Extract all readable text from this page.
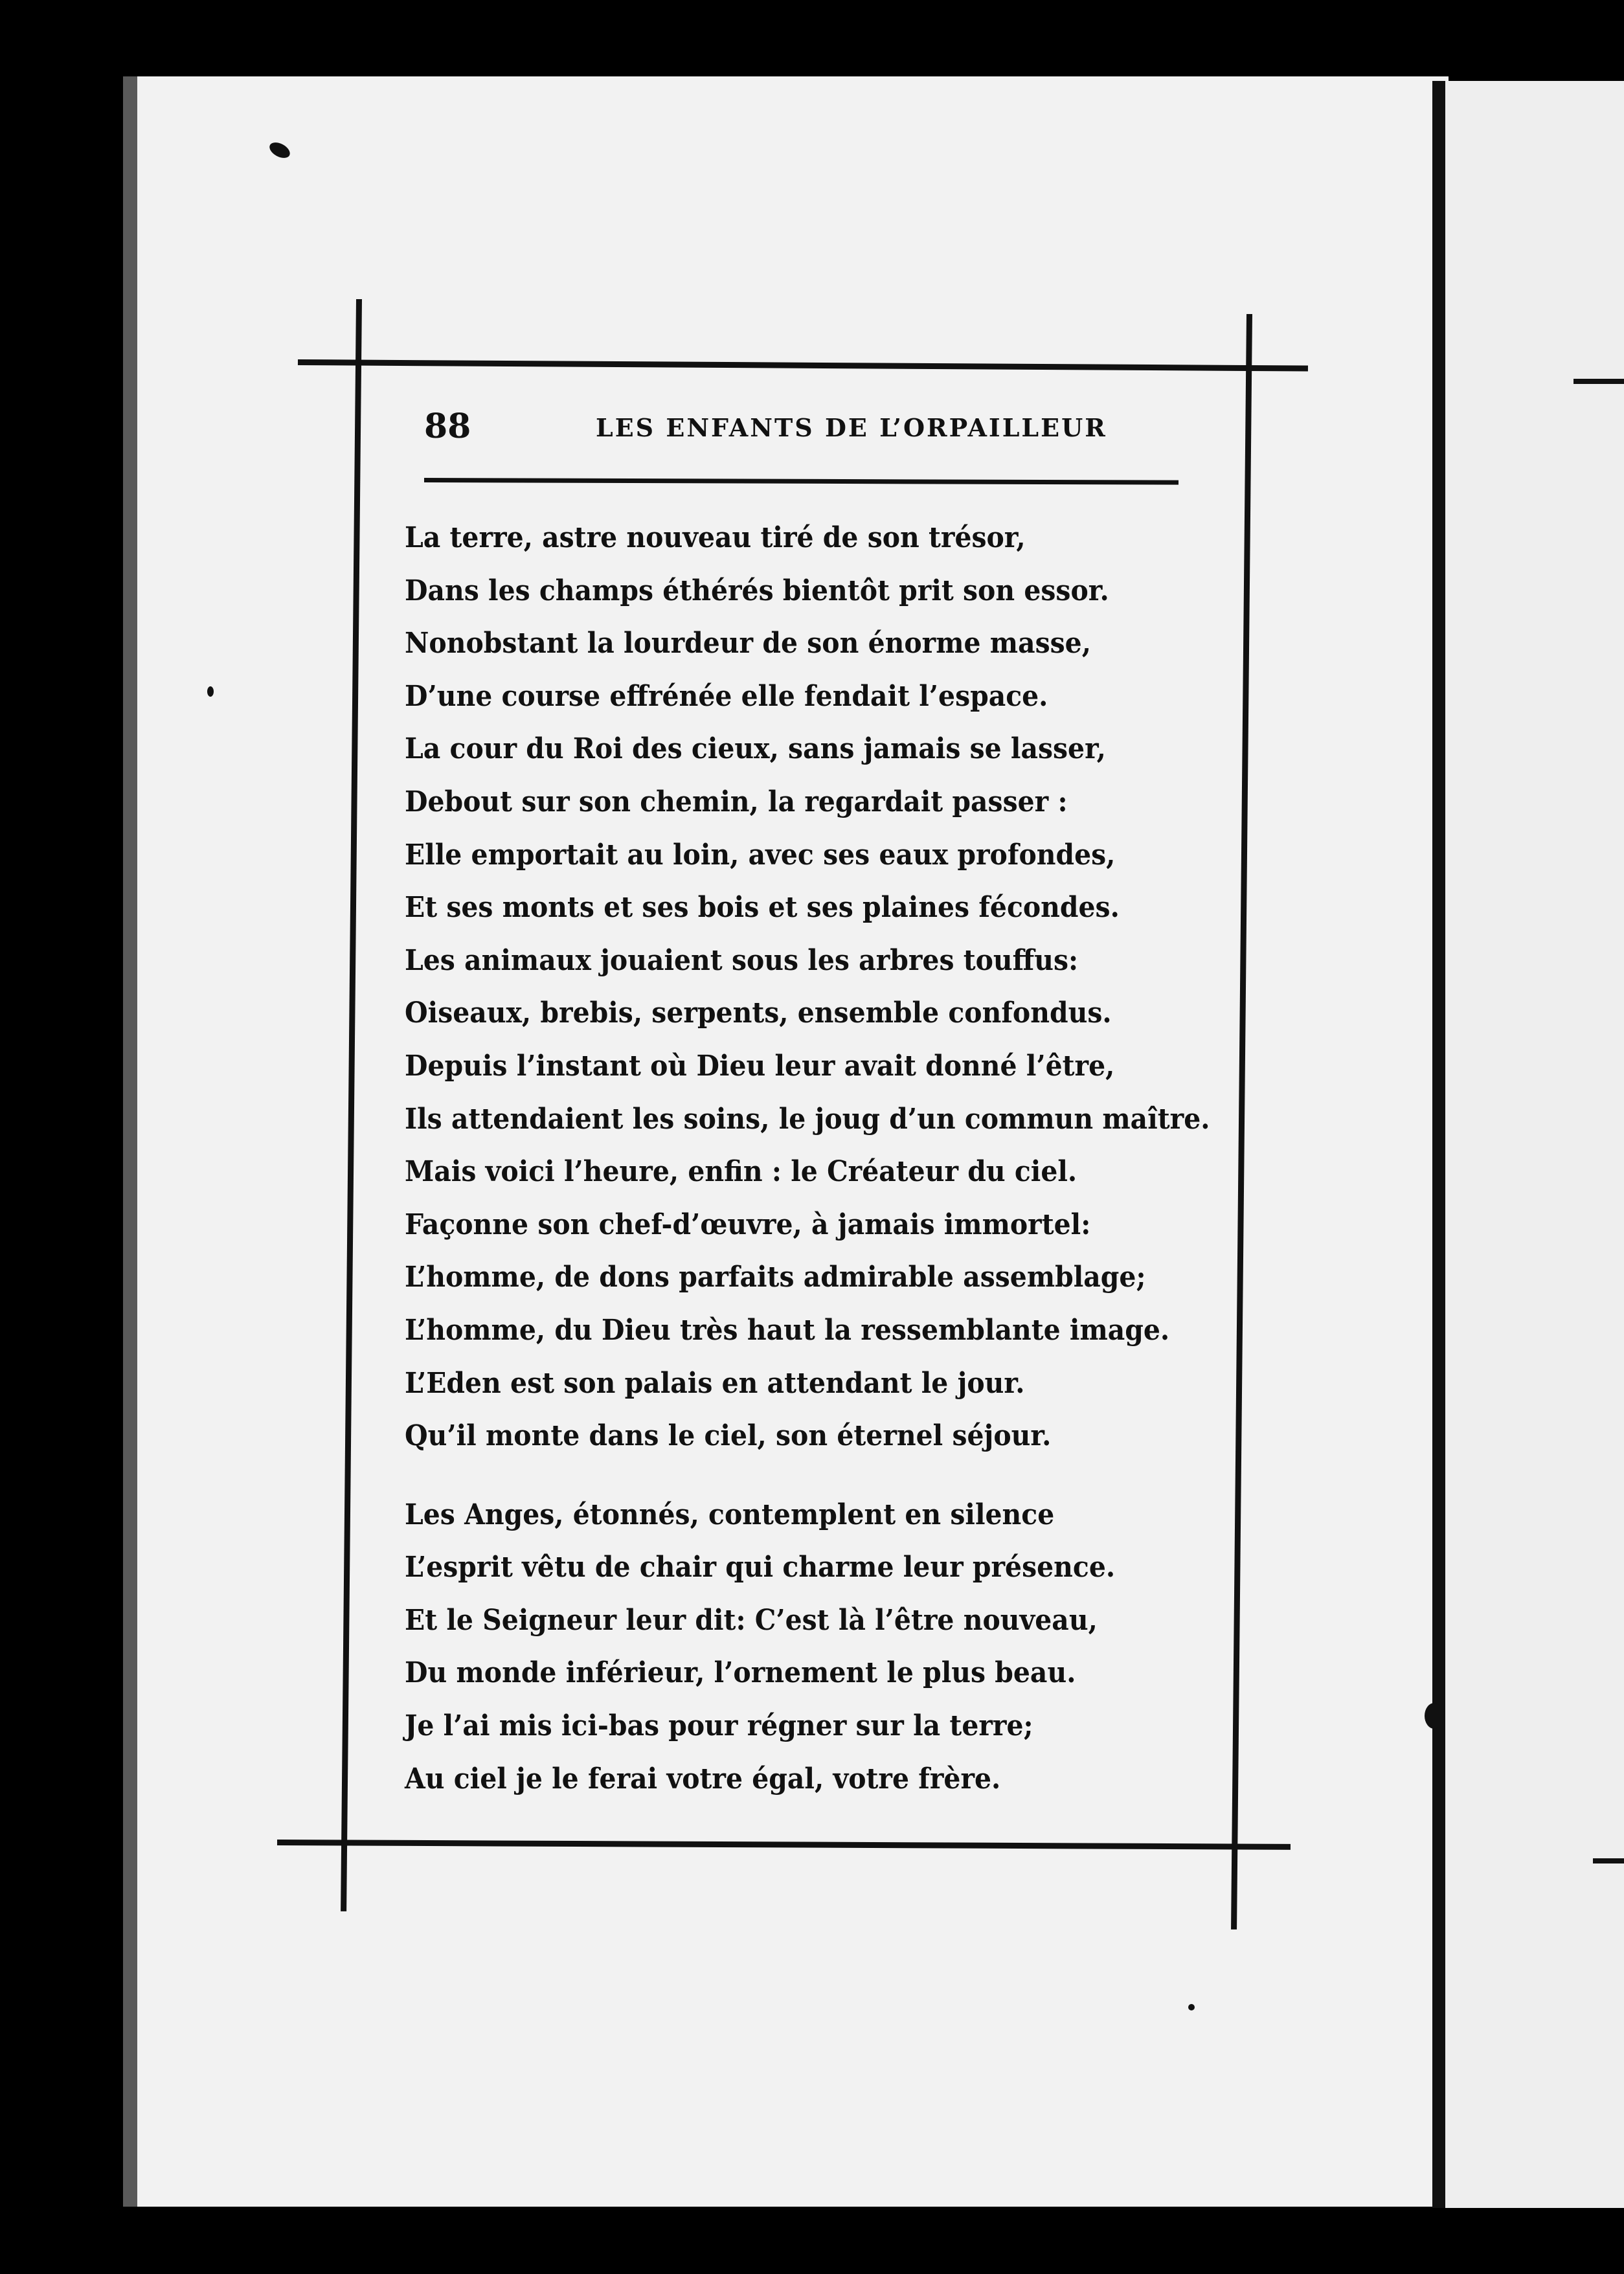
88	LES ENFANTS DE L’ORPAILLEUR
La terre, astre nouveau tiré de son trésor,
Dans les champs éthérés bientôt prit son essor.
Nonobstant la lourdeur de son énorme masse,
D’une course effrénée elle fendait l’espace.
La cour du Roi des cieux, sans jamais se lasser,
Debout sur son chemin, la regardait passer :
Elle emportait au loin, avec ses eaux profondes,
Et ses monts et ses bois et ses plaines fécondes.
Les animaux jouaient sous les arbres touffus:
Oiseaux, brebis, serpents, ensemble confondus.
Depuis l’instant où Dieu leur avait donné l’être,
Ils attendaient les soins, le joug d’un commun maître.
Mais voici l’heure, enfin : le Créateur du ciel.
Façonne son chef-d’œuvre, à jamais immortel:
L’homme, de dons parfaits admirable assemblage;
L’homme, du Dieu très haut la ressemblante image.
L’Eden est son palais en attendant le jour.
Qu’il monte dans le ciel, son éternel séjour.
Les Anges, étonnés, contemplent en silence
L’esprit vêtu de chair qui charme leur présence.
Et le Seigneur leur dit: C’est là l’être nouveau,
Du monde inférieur, l’ornement le plus beau.
Je l’ai mis ici-bas pour régner sur la terre;
Au ciel je le ferai votre égal, votre frère.
